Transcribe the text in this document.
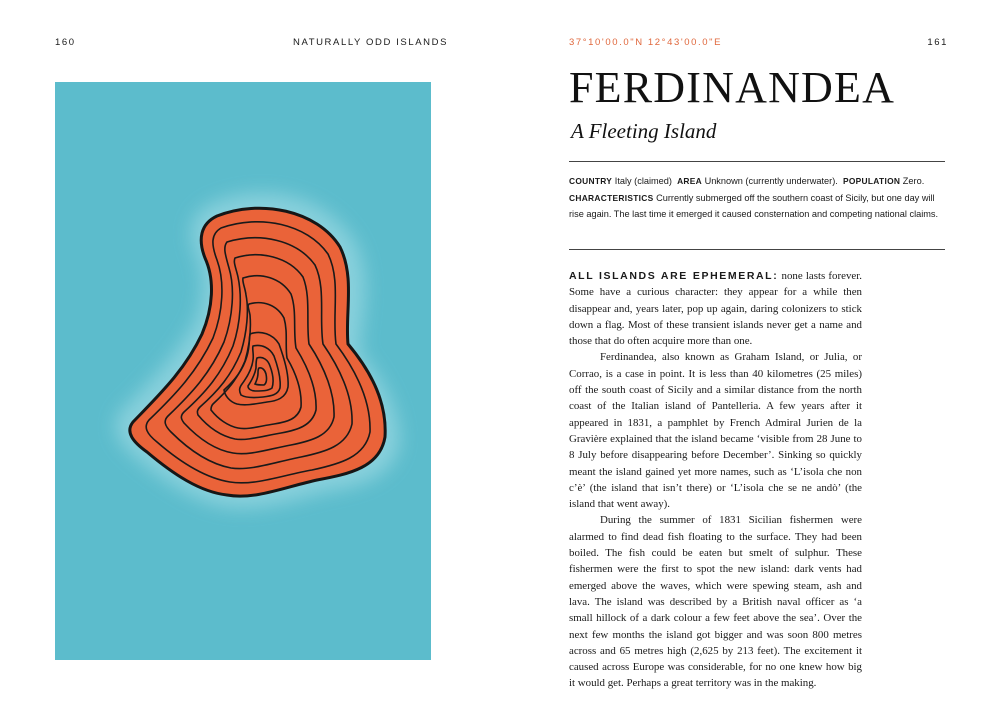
160	NATURALLY ODD ISLANDS	37°10'00.0"N 12°43'00.0"E	161
FERDINANDEA
A Fleeting Island
COUNTRY Italy (claimed) AREA Unknown (currently underwater). POPULATION Zero.
CHARACTERISTICS Currently submerged off the southern coast of Sicily, but one day will rise again. The last time it emerged it caused consternation and competing national claims.

ALL ISLANDS ARE EPHEMERAL: none lasts forever. Some have a curious character: they appear for a while then disappear and, years later, pop up again, daring colonizers to stick down a flag. Most of these transient islands never get a name and those that do often acquire more than one.

Ferdinandea, also known as Graham Island, or Julia, or Corrao, is a case in point. It is less than 40 kilometres (25 miles) off the south coast of Sicily and a similar distance from the north coast of the Italian island of Pantelleria. A few years after it appeared in 1831, a pamphlet by French Admiral Jurien de la Gravière explained that the island became ‘visible from 28 June to 8 July before disappearing before December’. Sinking so quickly meant the island gained yet more names, such as ‘L’isola che non c’è’ (the island that isn’t there) or ‘L’isola che se ne andò’ (the island that went away).

During the summer of 1831 Sicilian fishermen were alarmed to find dead fish floating to the surface. They had been boiled. The fish could be eaten but smelt of sulphur. These fishermen were the first to spot the new island: dark vents had emerged above the waves, which were spewing steam, ash and lava. The island was described by a British naval officer as ‘a small hillock of a dark colour a few feet above the sea’. Over the next few months the island got bigger and was soon 800 metres across and 65 metres high (2,625 by 213 feet). The excitement it caused across Europe was considerable, for no one knew how big it would get. Perhaps a great territory was in the making.
